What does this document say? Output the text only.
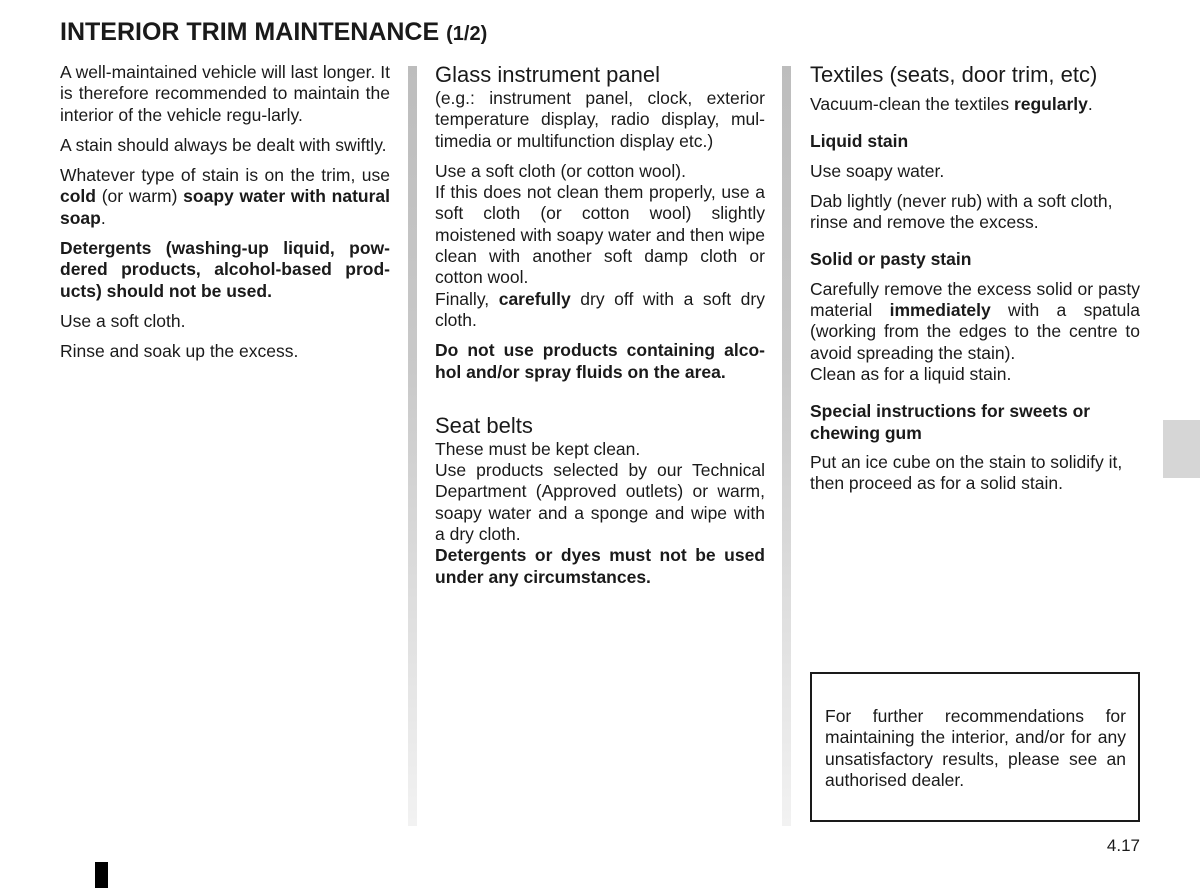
INTERIOR TRIM MAINTENANCE (1/2)

A well-maintained vehicle will last longer. It is therefore recommended to maintain the interior of the vehicle regu-larly.

A stain should always be dealt with swiftly.

Whatever type of stain is on the trim, use cold (or warm) soapy water with natural soap.

Detergents (washing-up liquid, pow-dered products, alcohol-based prod-ucts) should not be used.

Use a soft cloth.

Rinse and soak up the excess.

Glass instrument panel

(e.g.: instrument panel, clock, exterior temperature display, radio display, mul-timedia or multifunction display etc.)

Use a soft cloth (or cotton wool).

If this does not clean them properly, use a soft cloth (or cotton wool) slightly moistened with soapy water and then wipe clean with another soft damp cloth or cotton wool.

Finally, carefully dry off with a soft dry cloth.

Do not use products containing alco-hol and/or spray fluids on the area.

Seat belts

These must be kept clean.

Use products selected by our Technical Department (Approved outlets) or warm, soapy water and a sponge and wipe with a dry cloth.

Detergents or dyes must not be used under any circumstances.

Textiles (seats, door trim, etc)

Vacuum-clean the textiles regularly.

Liquid stain

Use soapy water.

Dab lightly (never rub) with a soft cloth, rinse and remove the excess.

Solid or pasty stain

Carefully remove the excess solid or pasty material immediately with a spatula (working from the edges to the centre to avoid spreading the stain).

Clean as for a liquid stain.

Special instructions for sweets or chewing gum

Put an ice cube on the stain to solidify it, then proceed as for a solid stain.

For further recommendations for maintaining the interior, and/or for any unsatisfactory results, please see an authorised dealer.

4.17
